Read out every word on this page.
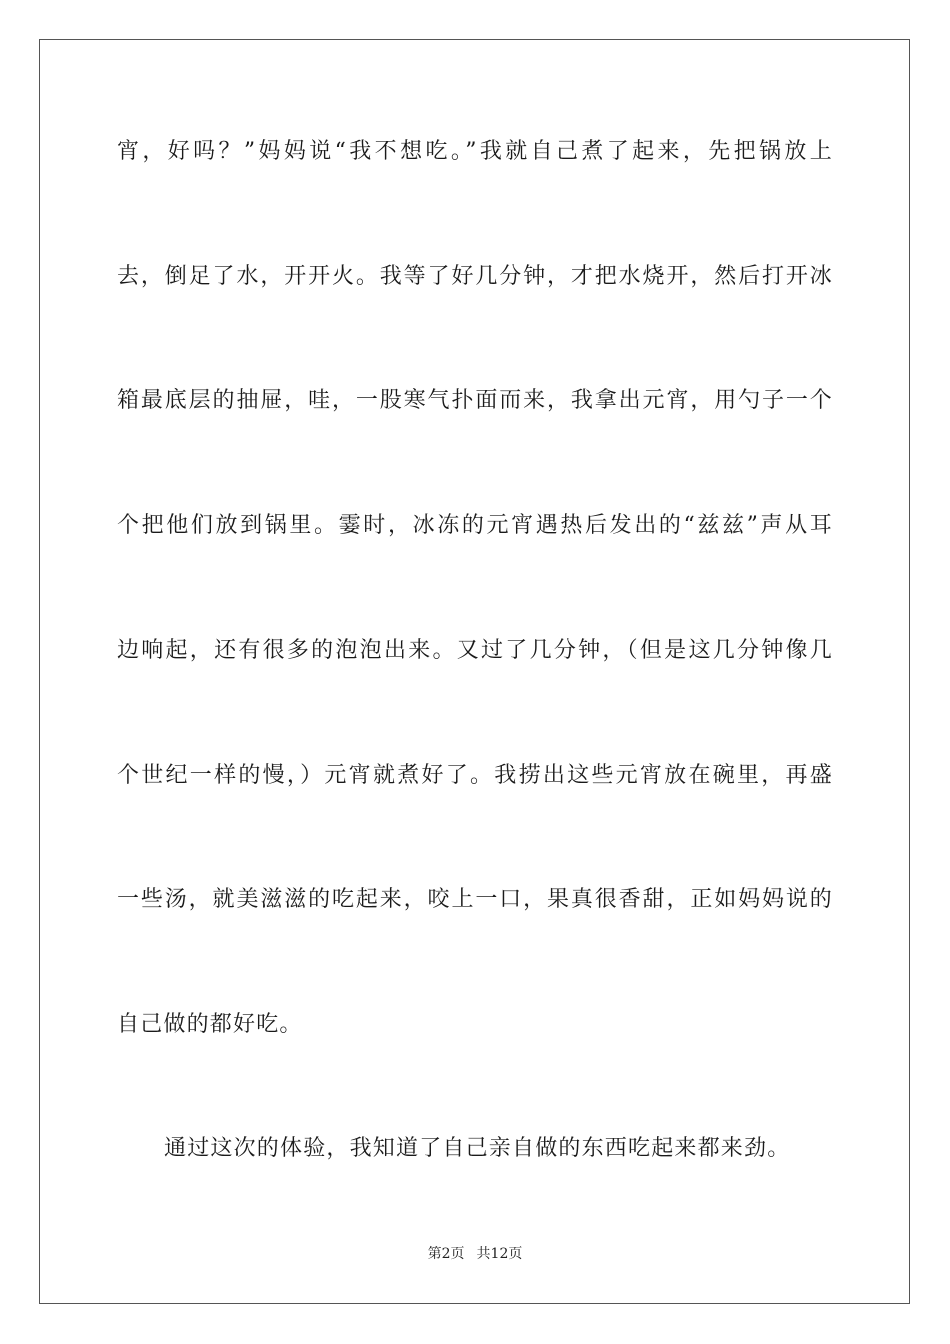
宵，好吗？”妈妈说“我不想吃。”我就自己煮了起来，先把锅放上
去，倒足了水，开开火。我等了好几分钟，才把水烧开，然后打开冰
箱最底层的抽屉，哇，一股寒气扑面而来，我拿出元宵，用勺子一个
个把他们放到锅里。霎时，冰冻的元宵遇热后发出的“兹兹”声从耳
边响起，还有很多的泡泡出来。又过了几分钟，（但是这几分钟像几
个世纪一样的慢，）元宵就煮好了。我捞出这些元宵放在碗里，再盛
一些汤，就美滋滋的吃起来，咬上一口，果真很香甜，正如妈妈说的
自己做的都好吃。
通过这次的体验，我知道了自己亲自做的东西吃起来都来劲。
第2页 共12页
